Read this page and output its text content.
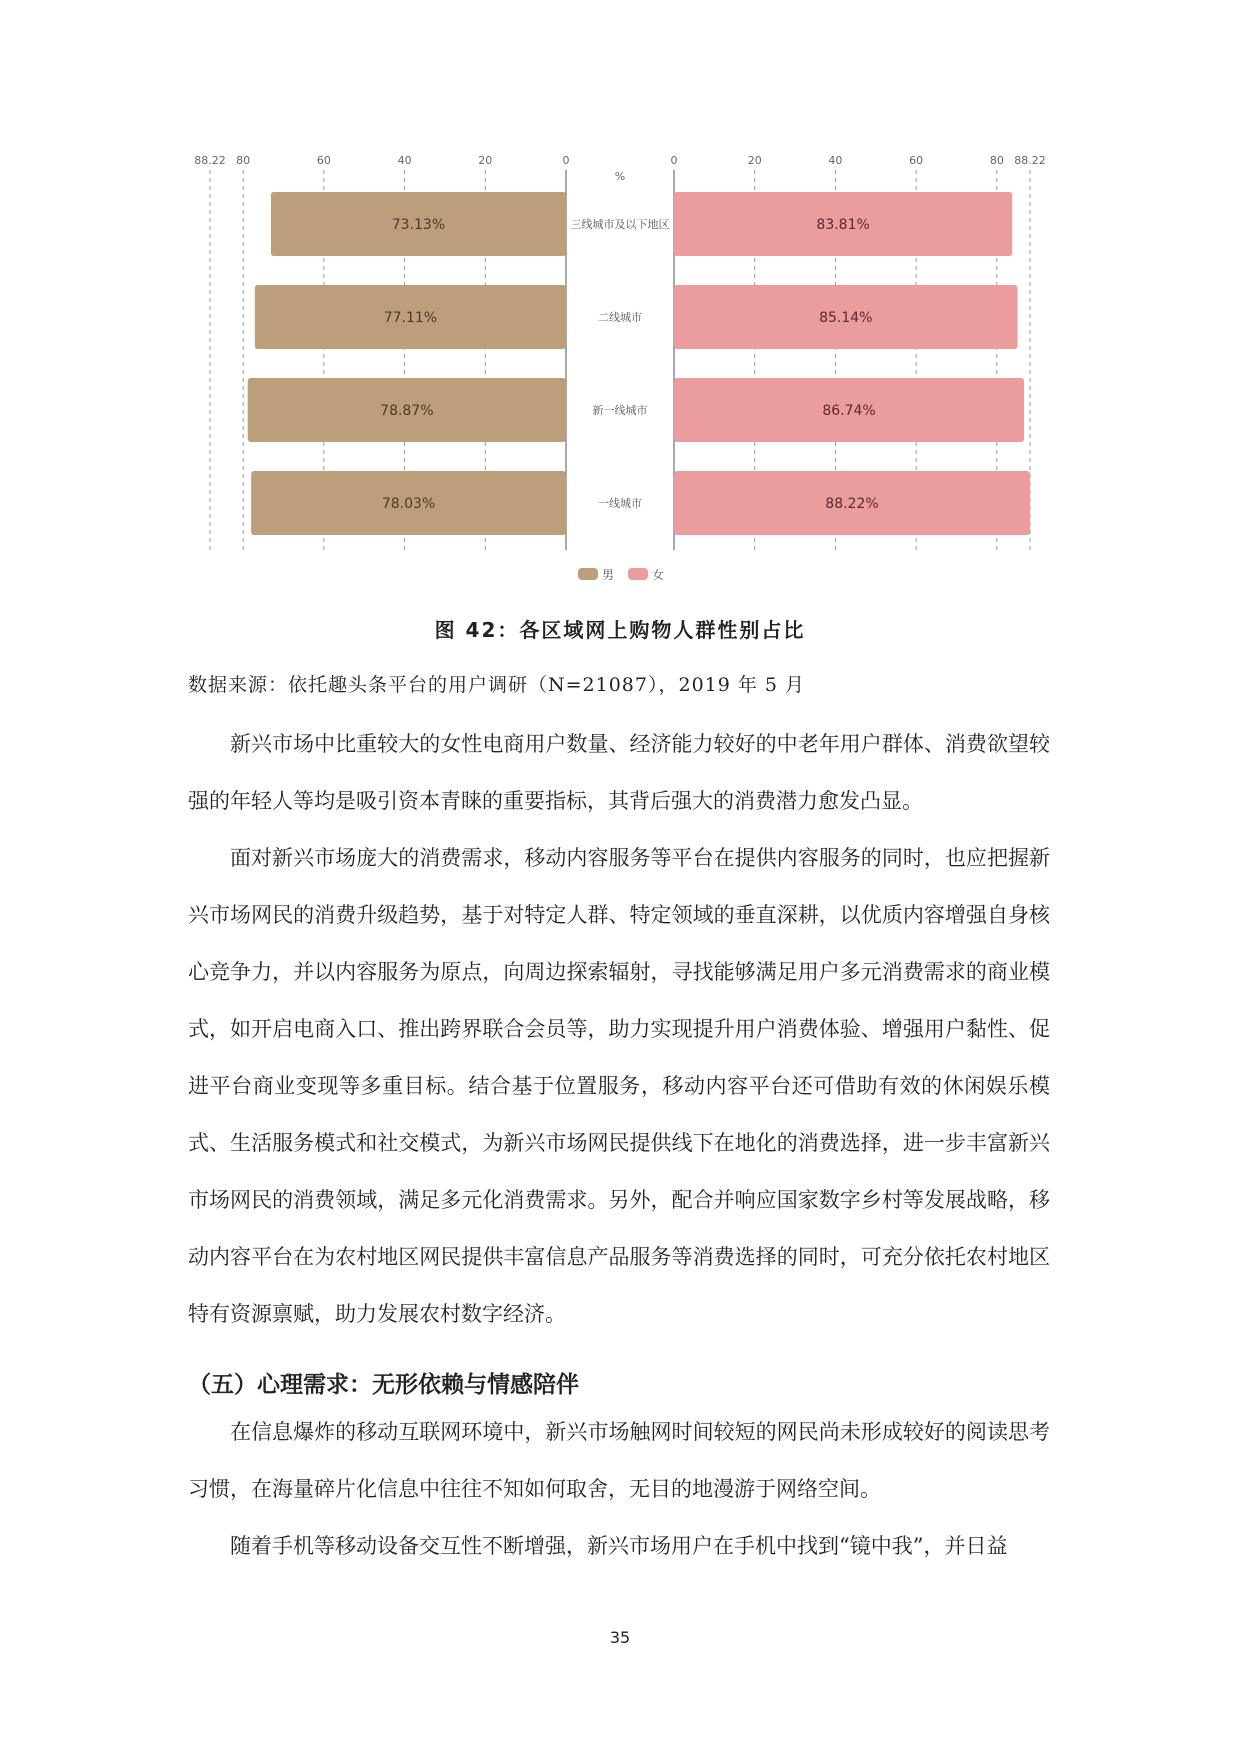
88.22 80	60	40	20	0	0	20	40	60	80 88.22
%
73.13%	83.81%
三线城市及以下地区
77.11%	85.14%
二线城市
78.87%	86.74%
新一线城市
78.03%	88.22%
一线城市
男	女
图 42：各区域网上购物人群性别占比
数据来源：依托趣头条平台的用户调研（N=21087），2019 年 5 月

新兴市场中比重较大的女性电商用户数量、经济能力较好的中老年用户群体、消费欲望较强的年轻人等均是吸引资本青睐的重要指标，其背后强大的消费潜力愈发凸显。

面对新兴市场庞大的消费需求，移动内容服务等平台在提供内容服务的同时，也应把握新兴市场网民的消费升级趋势，基于对特定人群、特定领域的垂直深耕，以优质内容增强自身核心竞争力，并以内容服务为原点，向周边探索辐射，寻找能够满足用户多元消费需求的商业模式，如开启电商入口、推出跨界联合会员等，助力实现提升用户消费体验、增强用户黏性、促进平台商业变现等多重目标。结合基于位置服务，移动内容平台还可借助有效的休闲娱乐模式、生活服务模式和社交模式，为新兴市场网民提供线下在地化的消费选择，进一步丰富新兴市场网民的消费领域，满足多元化消费需求。另外，配合并响应国家数字乡村等发展战略，移动内容平台在为农村地区网民提供丰富信息产品服务等消费选择的同时，可充分依托农村地区特有资源禀赋，助力发展农村数字经济。

（五）心理需求：无形依赖与情感陪伴

在信息爆炸的移动互联网环境中，新兴市场触网时间较短的网民尚未形成较好的阅读思考习惯，在海量碎片化信息中往往不知如何取舍，无目的地漫游于网络空间。

随着手机等移动设备交互性不断增强，新兴市场用户在手机中找到“镜中我”，并日益

35
